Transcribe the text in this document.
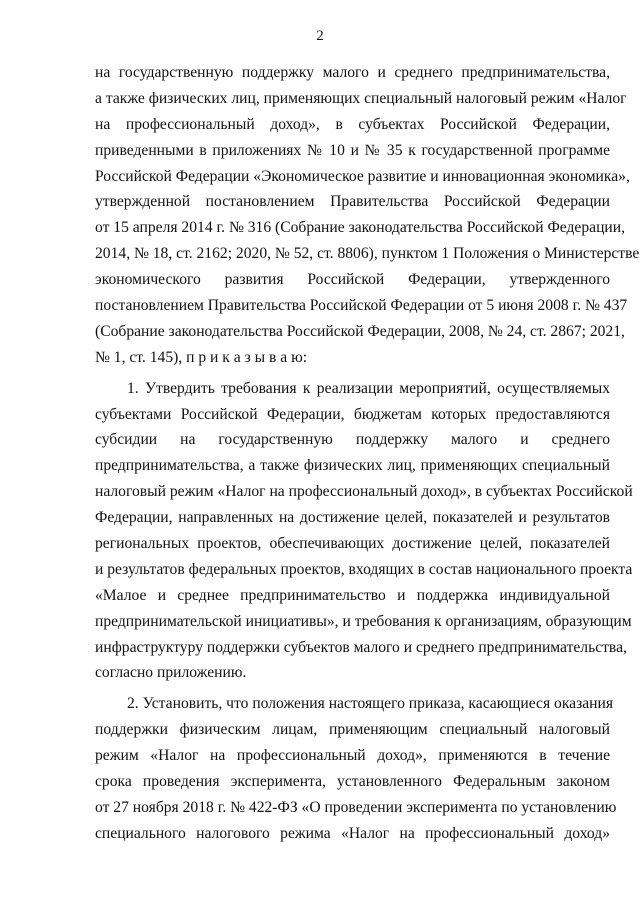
2
на государственную поддержку малого и среднего предпринимательства,
а также физических лиц, применяющих специальный налоговый режим «Налог
на профессиональный доход», в субъектах Российской Федерации,
приведенными в приложениях № 10 и № 35 к государственной программе
Российской Федерации «Экономическое развитие и инновационная экономика»,
утвержденной постановлением Правительства Российской Федерации
от 15 апреля 2014 г. № 316 (Собрание законодательства Российской Федерации,
2014, № 18, ст. 2162; 2020, № 52, ст. 8806), пунктом 1 Положения о Министерстве
экономического развития Российской Федерации, утвержденного
постановлением Правительства Российской Федерации от 5 июня 2008 г. № 437
(Собрание законодательства Российской Федерации, 2008, № 24, ст. 2867; 2021,
№ 1, ст. 145), п р и к а з ы в а ю:
1. Утвердить требования к реализации мероприятий, осуществляемых
субъектами Российской Федерации, бюджетам которых предоставляются
субсидии на государственную поддержку малого и среднего
предпринимательства, а также физических лиц, применяющих специальный
налоговый режим «Налог на профессиональный доход», в субъектах Российской
Федерации, направленных на достижение целей, показателей и результатов
региональных проектов, обеспечивающих достижение целей, показателей
и результатов федеральных проектов, входящих в состав национального проекта
«Малое и среднее предпринимательство и поддержка индивидуальной
предпринимательской инициативы», и требования к организациям, образующим
инфраструктуру поддержки субъектов малого и среднего предпринимательства,
согласно приложению.
2. Установить, что положения настоящего приказа, касающиеся оказания
поддержки физическим лицам, применяющим специальный налоговый
режим «Налог на профессиональный доход», применяются в течение
срока проведения эксперимента, установленного Федеральным законом
от 27 ноября 2018 г. № 422-ФЗ «О проведении эксперимента по установлению
специального налогового режима «Налог на профессиональный доход»
